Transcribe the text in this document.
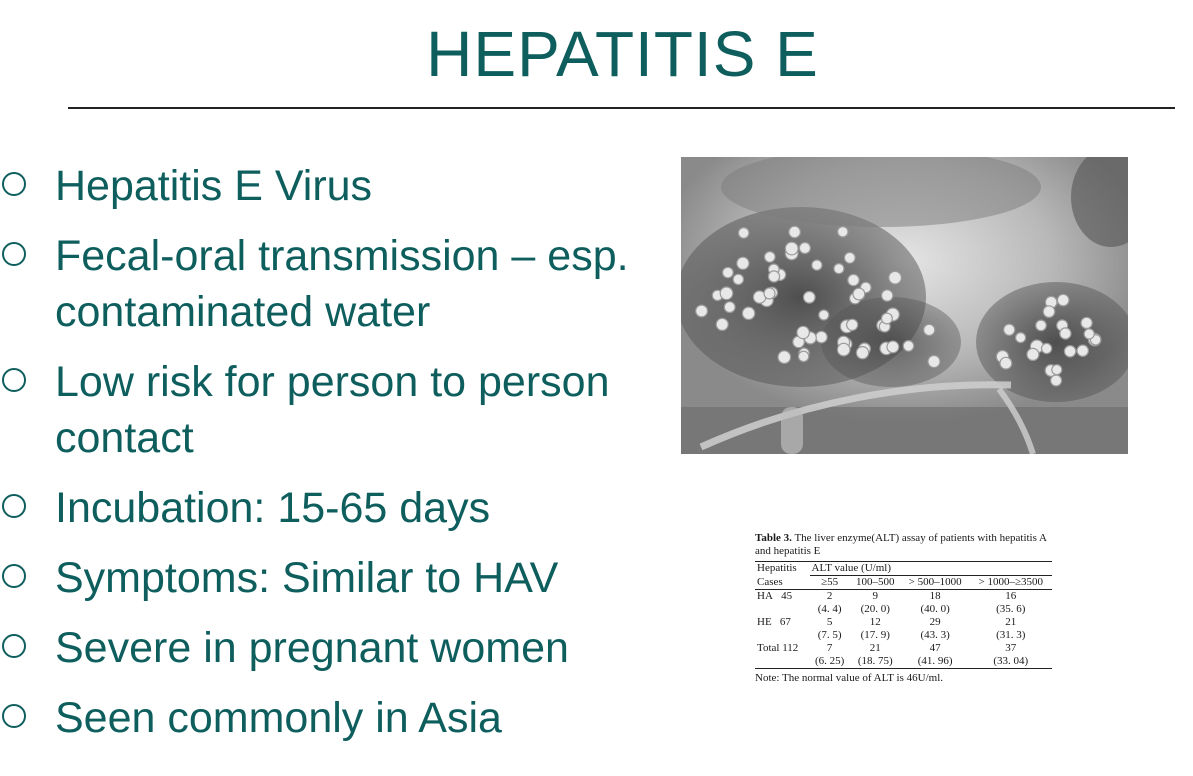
HEPATITIS E
Hepatitis E Virus
Fecal-oral transmission – esp. contaminated water
Low risk for person to person contact
Incubation: 15-65 days
Symptoms: Similar to HAV
Severe in pregnant women
Seen commonly in Asia

Table 3. The liver enzyme(ALT) assay of patients with hepatitis A and hepatitis E

Hepatitis	ALT value (U/ml)			
Cases	≥55	100–500	> 500–1000	> 1000–≥3500
HA 45	2	9	18	16
	(4. 4)	(20. 0)	(40. 0)	(35. 6)
HE 67	5	12	29	21
	(7. 5)	(17. 9)	(43. 3)	(31. 3)
Total 112	7	21	47	37
	(6. 25)	(18. 75)	(41. 96)	(33. 04)
Note: The normal value of ALT is 46U/ml.
